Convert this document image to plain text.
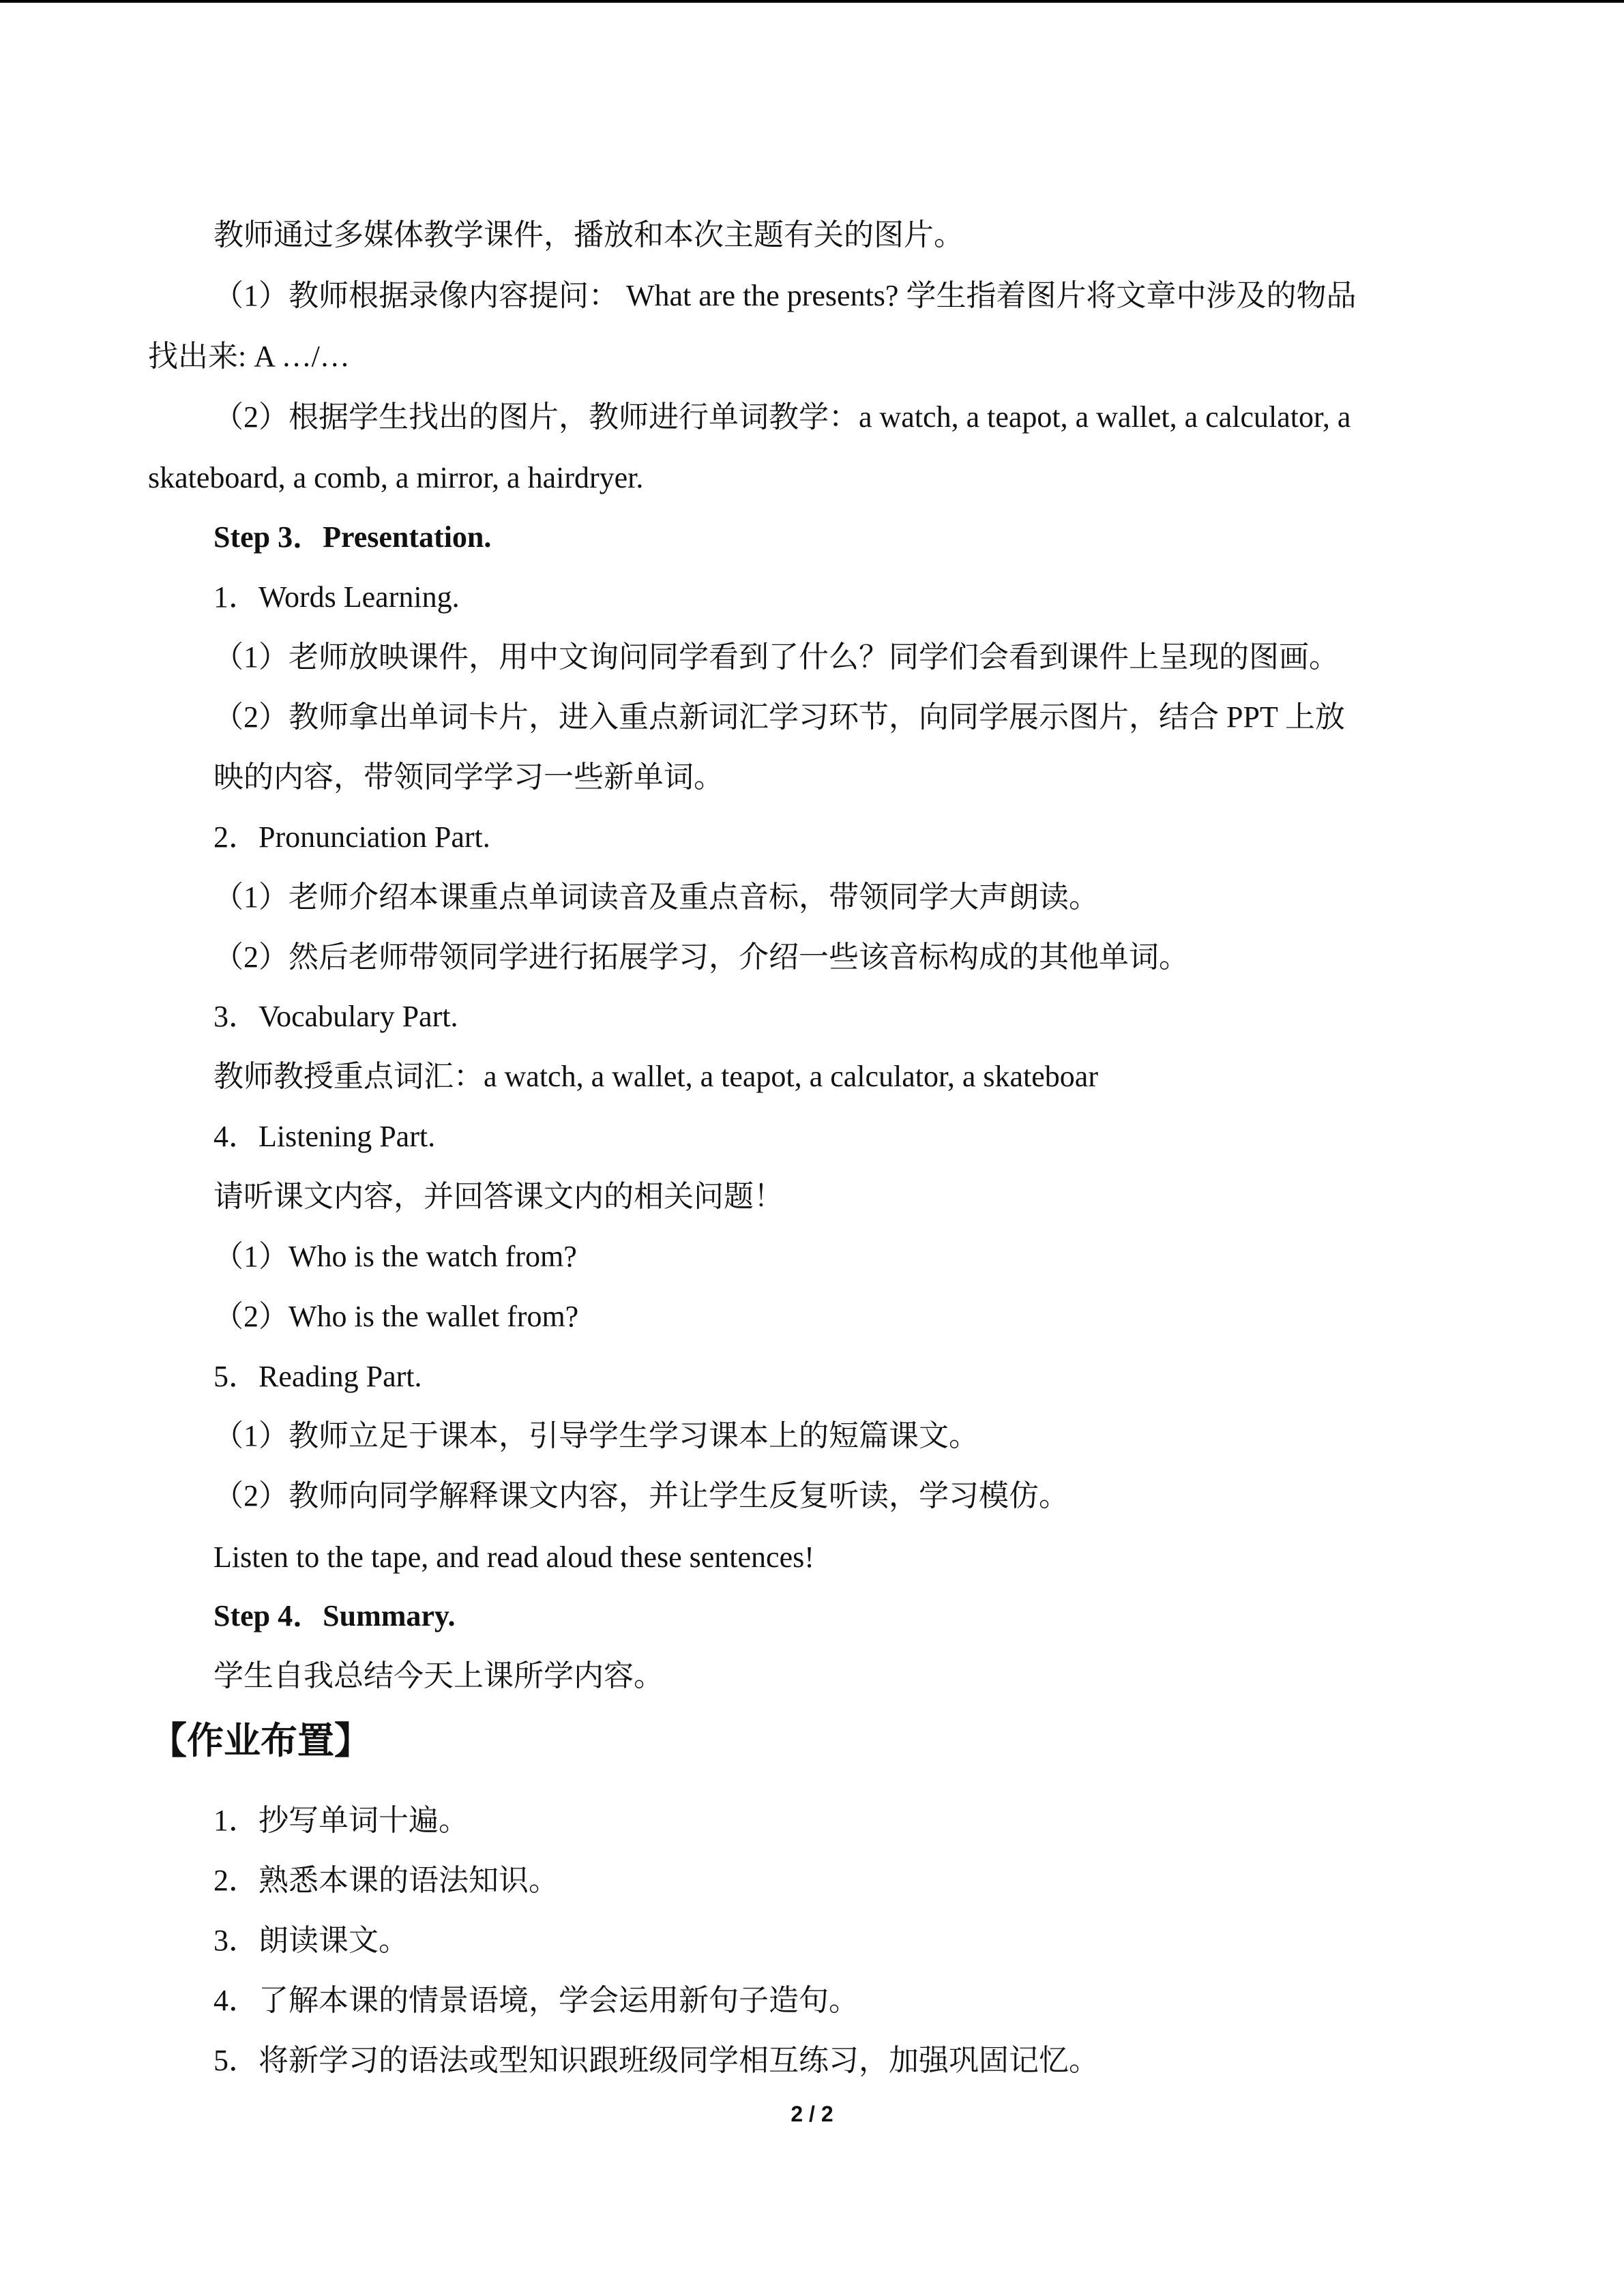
教师通过多媒体教学课件，播放和本次主题有关的图片。
（1）教师根据录像内容提问： What are the presents? 学生指着图片将文章中涉及的物品
找出来: A …/…
（2）根据学生找出的图片，教师进行单词教学：a watch, a teapot, a wallet, a calculator, a
skateboard, a comb, a mirror, a hairdryer.
Step 3．Presentation.
1．Words Learning.
（1）老师放映课件，用中文询问同学看到了什么？同学们会看到课件上呈现的图画。
（2）教师拿出单词卡片，进入重点新词汇学习环节，向同学展示图片，结合 PPT 上放
映的内容，带领同学学习一些新单词。
2．Pronunciation Part.
（1）老师介绍本课重点单词读音及重点音标，带领同学大声朗读。
（2）然后老师带领同学进行拓展学习，介绍一些该音标构成的其他单词。
3．Vocabulary Part.
教师教授重点词汇：a watch, a wallet, a teapot, a calculator, a skateboar
4．Listening Part.
请听课文内容，并回答课文内的相关问题！
（1）Who is the watch from?
（2）Who is the wallet from?
5．Reading Part.
（1）教师立足于课本，引导学生学习课本上的短篇课文。
（2）教师向同学解释课文内容，并让学生反复听读，学习模仿。
Listen to the tape, and read aloud these sentences!
Step 4．Summary.
学生自我总结今天上课所学内容。
【作业布置】
1．抄写单词十遍。
2．熟悉本课的语法知识。
3．朗读课文。
4．了解本课的情景语境，学会运用新句子造句。
5．将新学习的语法或型知识跟班级同学相互练习，加强巩固记忆。
2 / 2
